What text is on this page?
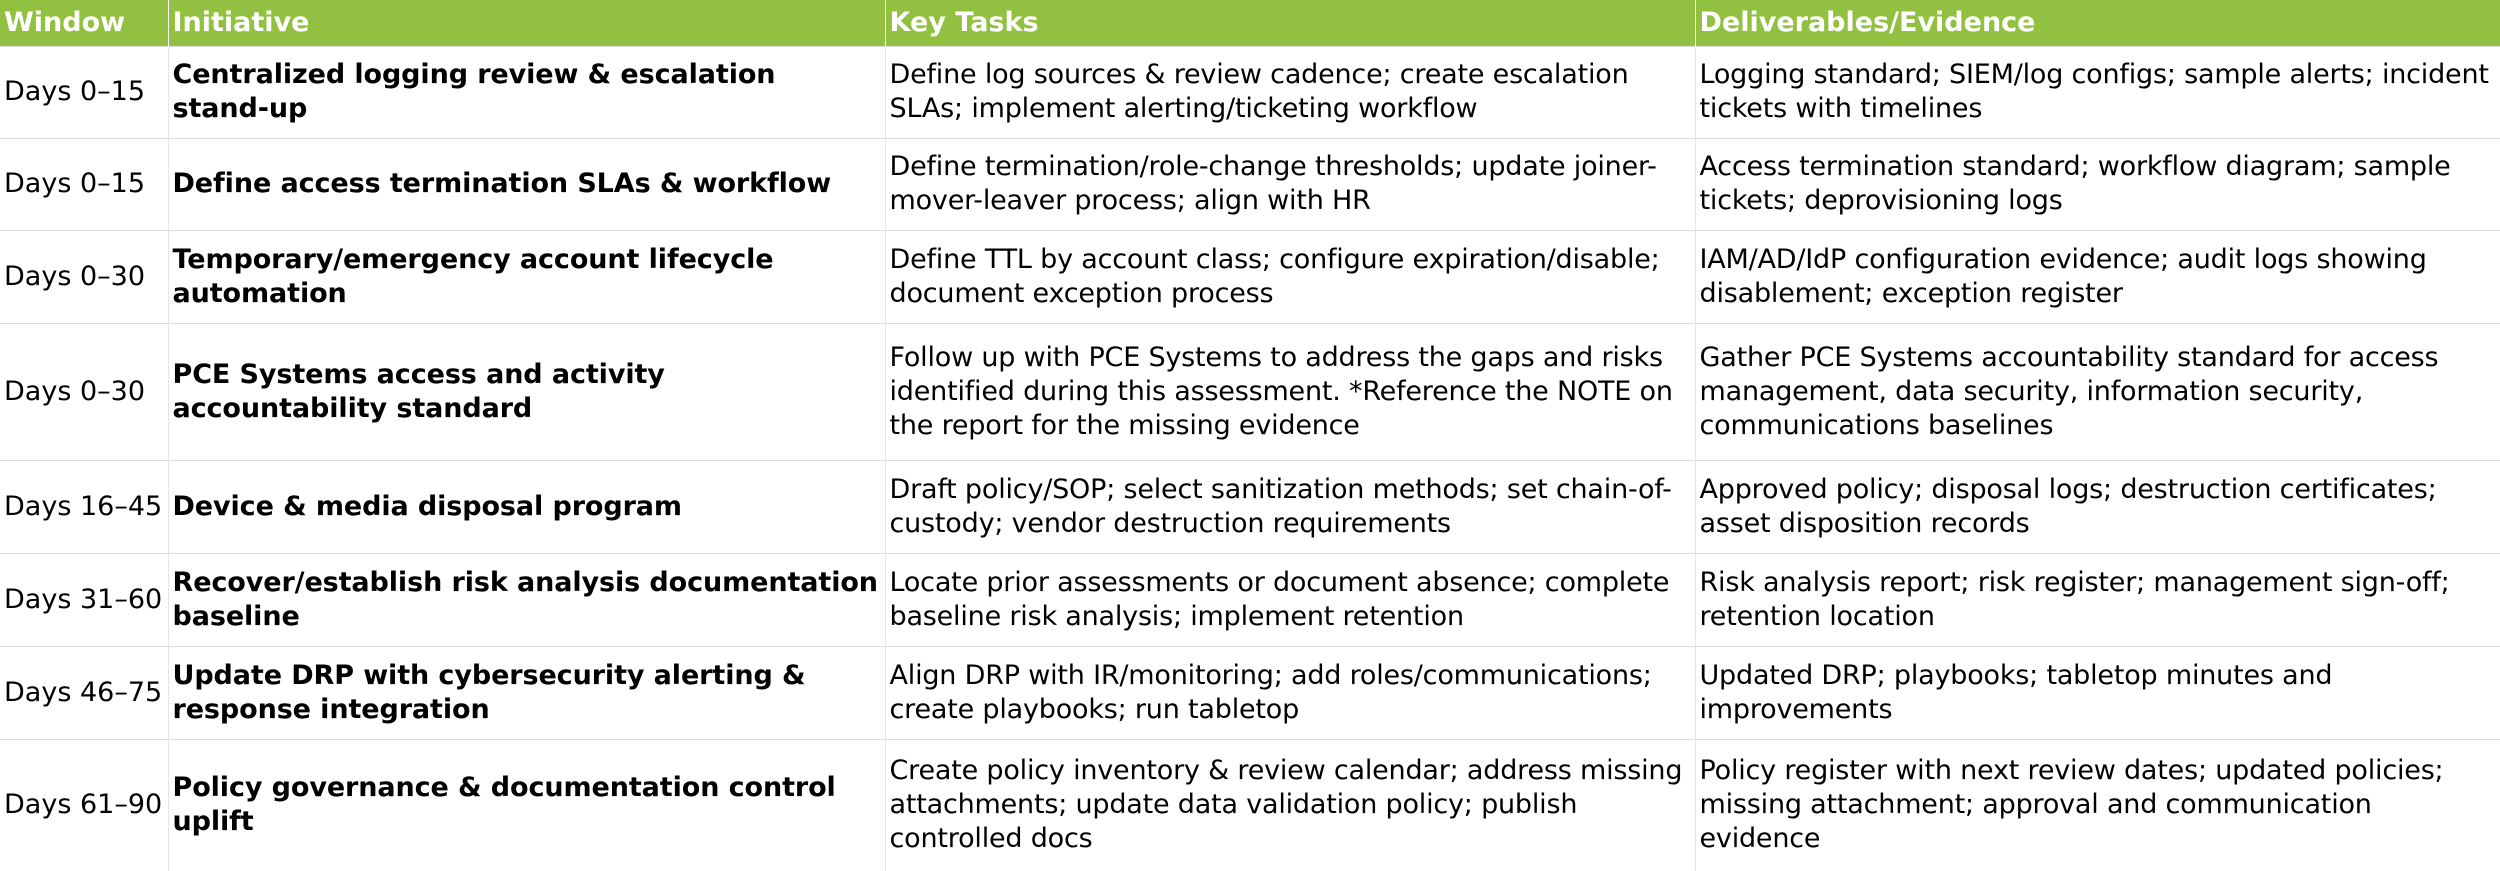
Window	Initiative	Key Tasks	Deliverables/Evidence
Days 0–15	Centralized logging review & escalation stand-up	Define log sources & review cadence; create escalation SLAs; implement alerting/ticketing workflow	Logging standard; SIEM/log configs; sample alerts; incident tickets with timelines
Days 0–15	Define access termination SLAs & workflow	Define termination/role-change thresholds; update joiner-mover-leaver process; align with HR	Access termination standard; workflow diagram; sample tickets; deprovisioning logs
Days 0–30	Temporary/emergency account lifecycle automation	Define TTL by account class; configure expiration/disable; document exception process	IAM/AD/IdP configuration evidence; audit logs showing disablement; exception register
Days 0–30	PCE Systems access and activity accountability standard	Follow up with PCE Systems to address the gaps and risks identified during this assessment. *Reference the NOTE on the report for the missing evidence	Gather PCE Systems accountability standard for access management, data security, information security, communications baselines
Days 16–45	Device & media disposal program	Draft policy/SOP; select sanitization methods; set chain-of-custody; vendor destruction requirements	Approved policy; disposal logs; destruction certificates; asset disposition records
Days 31–60	Recover/establish risk analysis documentation baseline	Locate prior assessments or document absence; complete baseline risk analysis; implement retention	Risk analysis report; risk register; management sign-off; retention location
Days 46–75	Update DRP with cybersecurity alerting & response integration	Align DRP with IR/monitoring; add roles/communications; create playbooks; run tabletop	Updated DRP; playbooks; tabletop minutes and improvements
Days 61–90	Policy governance & documentation control uplift	Create policy inventory & review calendar; address missing attachments; update data validation policy; publish controlled docs	Policy register with next review dates; updated policies; missing attachment; approval and communication evidence
